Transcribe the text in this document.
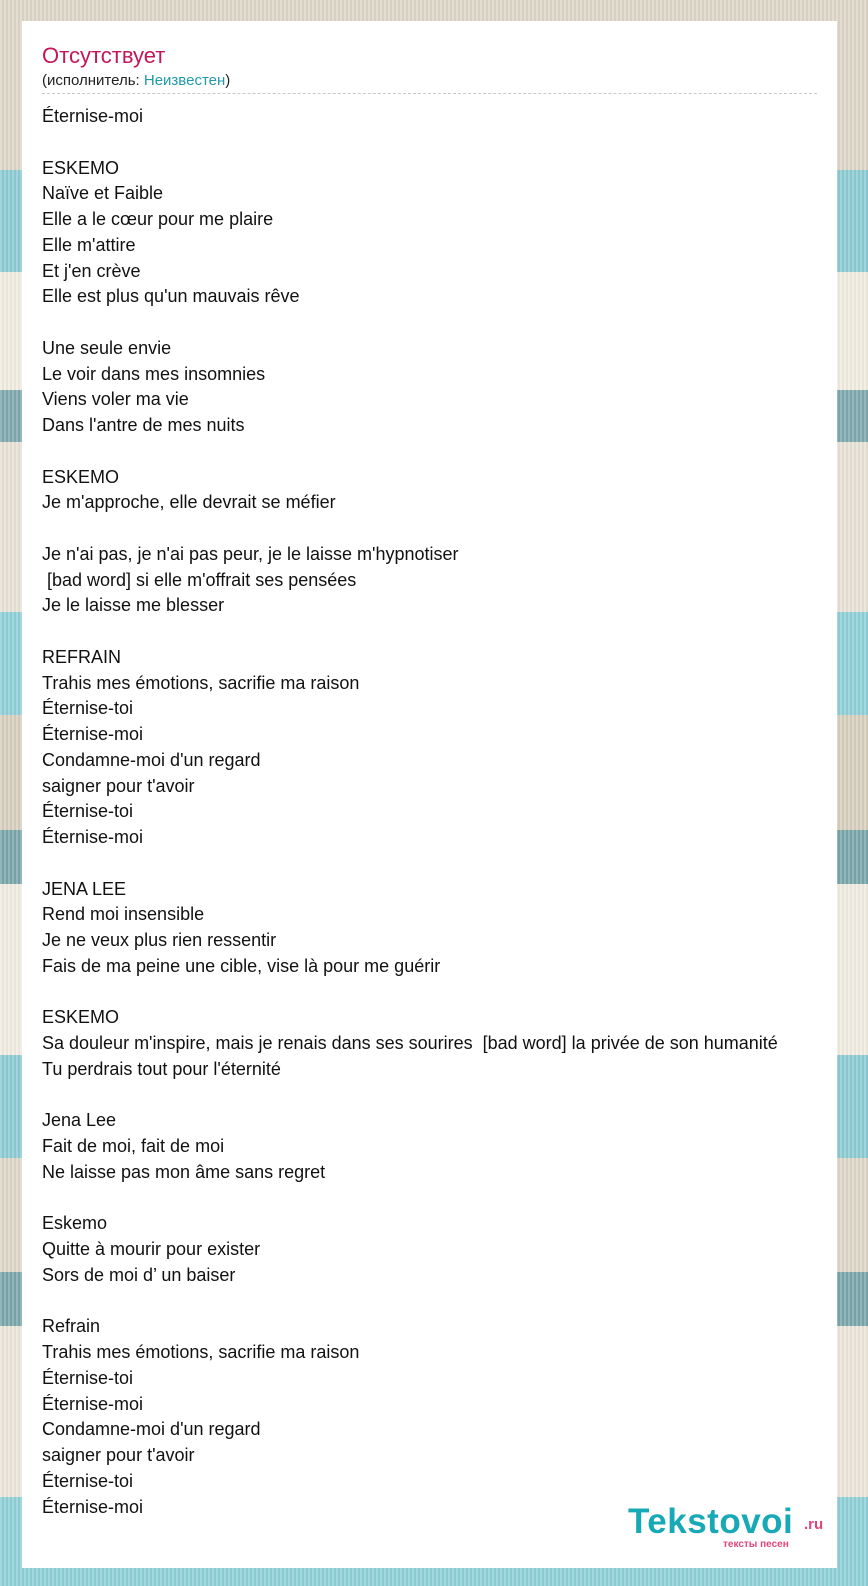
Отсутствует
(исполнитель: Неизвестен)
Éternise-moi

ESKEMO
Naïve et Faible
Elle a le cœur pour me plaire
Elle m'attire
Et j'en crève
Elle est plus qu'un mauvais rêve

Une seule envie
Le voir dans mes insomnies
Viens voler ma vie
Dans l'antre de mes nuits

ESKEMO
Je m'approche, elle devrait se méfier

Je n'ai pas, je n'ai pas peur, je le laisse m'hypnotiser
[bad word] si elle m'offrait ses pensées
Je le laisse me blesser

REFRAIN
Trahis mes émotions, sacrifie ma raison
Éternise-toi
Éternise-moi
Condamne-moi d'un regard
saigner pour t'avoir
Éternise-toi
Éternise-moi

JENA LEE
Rend moi insensible
Je ne veux plus rien ressentir
Fais de ma peine une cible, vise là pour me guérir

ESKEMO
Sa douleur m'inspire, mais je renais dans ses sourires  [bad word] la privée de son humanité
Tu perdrais tout pour l'éternité

Jena Lee
Fait de moi, fait de moi
Ne laisse pas mon âme sans regret

Eskemo
Quitte à mourir pour exister
Sors de moi d’ un baiser

Refrain
Trahis mes émotions, sacrifie ma raison
Éternise-toi
Éternise-moi
Condamne-moi d'un regard
saigner pour t'avoir
Éternise-toi
Éternise-moi	Tekstovoi .ru
тексты песен
